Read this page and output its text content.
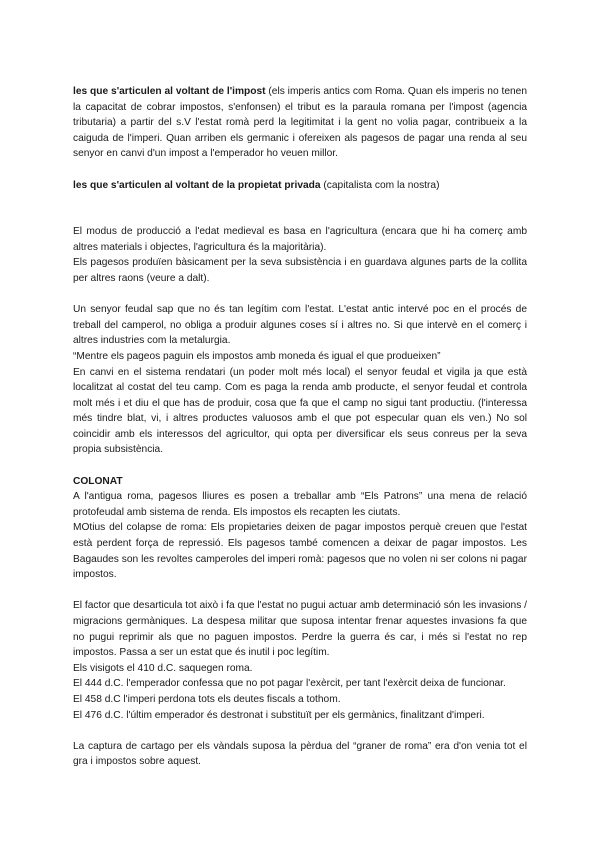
les que s'articulen al voltant de l'impost (els imperis antics com Roma. Quan els imperis no tenen la capacitat de cobrar impostos, s'enfonsen) el tribut es la paraula romana per l'impost (agencia tributaria) a partir del s.V l'estat romà perd la legitimitat i la gent no volia pagar, contribueix a la caiguda de l'imperi. Quan arriben els germanic i ofereixen als pagesos de pagar una renda al seu senyor en canvi d'un impost a l'emperador ho veuen millor.

les que s'articulen al voltant de la propietat privada (capitalista com la nostra)

El modus de producció a l'edat medieval es basa en l'agricultura (encara que hi ha comerç amb altres materials i objectes, l'agricultura és la majoritària).

Els pagesos produïen bàsicament per la seva subsistència i en guardava algunes parts de la collita per altres raons (veure a dalt).

Un senyor feudal sap que no és tan legítim com l'estat. L'estat antic intervé poc en el procés de treball del camperol, no obliga a produir algunes coses sí i altres no. Si que intervè en el comerç i altres industries com la metalurgia.

“Mentre els pageos paguin els impostos amb moneda és igual el que produeixen”

En canvi en el sistema rendatari (un poder molt més local) el senyor feudal et vigila ja que està localitzat al costat del teu camp. Com es paga la renda amb producte, el senyor feudal et controla molt més i et diu el que has de produir, cosa que fa que el camp no sigui tant productiu. (l'interessa més tindre blat, vi, i altres productes valuosos amb el que pot especular quan els ven.) No sol coincidir amb els interessos del agricultor, qui opta per diversificar els seus conreus per la seva propia subsistència.

COLONAT

A l'antigua roma, pagesos lliures es posen a treballar amb “Els Patrons” una mena de relació protofeudal amb sistema de renda. Els impostos els recapten les ciutats.

MOtius del colapse de roma: Els propietaries deixen de pagar impostos perquè creuen que l'estat està perdent força de repressió. Els pagesos també comencen a deixar de pagar impostos. Les Bagaudes son les revoltes camperoles del imperi romà: pagesos que no volen ni ser colons ni pagar impostos.

El factor que desarticula tot això i fa que l'estat no pugui actuar amb determinació són les invasions / migracions germàniques. La despesa militar que suposa intentar frenar aquestes invasions fa que no pugui reprimir als que no paguen impostos. Perdre la guerra és car, i més si l'estat no rep impostos. Passa a ser un estat que és inutil i poc legítim.

Els visigots el 410 d.C. saquegen roma.

El 444 d.C. l'emperador confessa que no pot pagar l'exèrcit, per tant l'exèrcit deixa de funcionar.

El 458 d.C l'imperi perdona tots els deutes fiscals a tothom.

El 476 d.C. l'últim emperador és destronat i substituït per els germànics, finalitzant d'imperi.

La captura de cartago per els vàndals suposa la pèrdua del “graner de roma” era d'on venia tot el gra i impostos sobre aquest.
